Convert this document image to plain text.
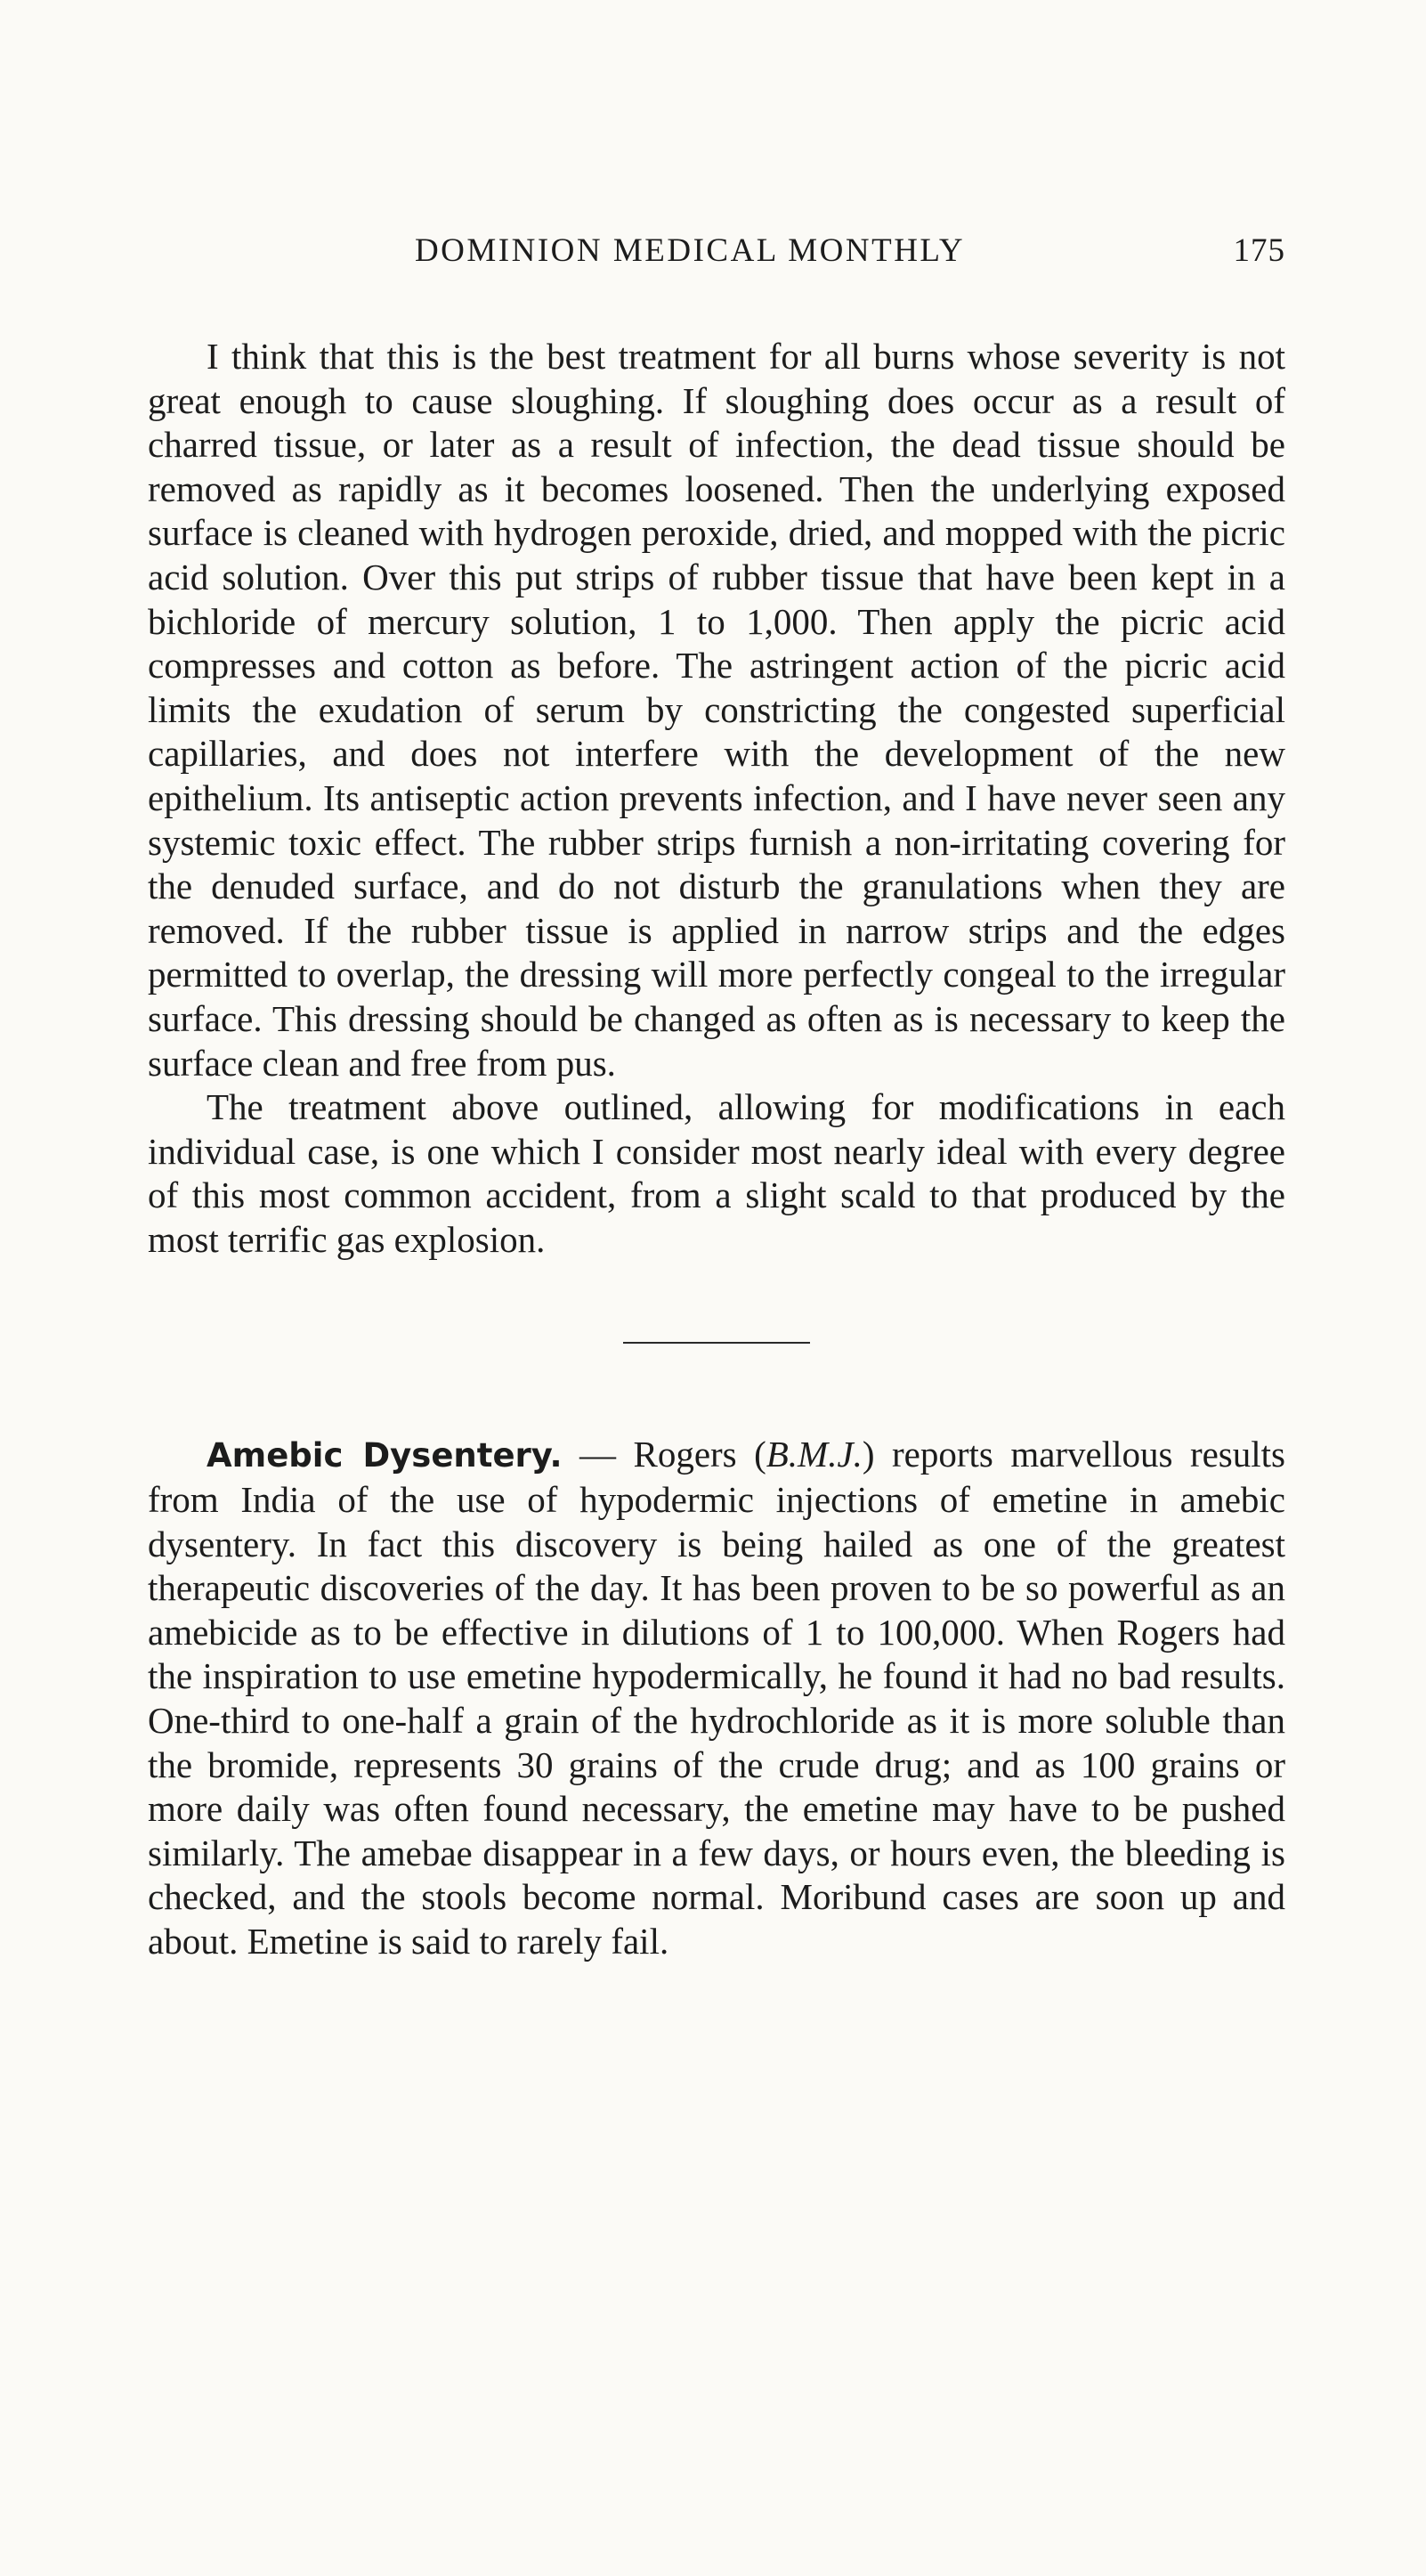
DOMINION MEDICAL MONTHLY	175

I think that this is the best treatment for all burns whose severity is not great enough to cause sloughing. If sloughing does occur as a result of charred tissue, or later as a result of infection, the dead tissue should be removed as rapidly as it becomes loosened. Then the underlying exposed surface is cleaned with hydrogen peroxide, dried, and mopped with the picric acid solution. Over this put strips of rubber tissue that have been kept in a bichloride of mercury solution, 1 to 1,000. Then apply the picric acid compresses and cotton as before. The astringent action of the picric acid limits the exudation of serum by constricting the congested superficial capillaries, and does not interfere with the development of the new epithelium. Its antiseptic action prevents infection, and I have never seen any systemic toxic effect. The rubber strips furnish a non-irritating covering for the denuded surface, and do not disturb the granulations when they are removed. If the rubber tissue is applied in narrow strips and the edges permitted to overlap, the dressing will more perfectly congeal to the irregular surface. This dressing should be changed as often as is necessary to keep the surface clean and free from pus.

The treatment above outlined, allowing for modifications in each individual case, is one which I consider most nearly ideal with every degree of this most common accident, from a slight scald to that produced by the most terrific gas explosion.

Amebic Dysentery. — Rogers (B.M.J.) reports marvellous results from India of the use of hypodermic injections of emetine in amebic dysentery. In fact this discovery is being hailed as one of the greatest therapeutic discoveries of the day. It has been proven to be so powerful as an amebicide as to be effective in dilutions of 1 to 100,000. When Rogers had the inspiration to use emetine hypodermically, he found it had no bad results. One-third to one-half a grain of the hydrochloride as it is more soluble than the bromide, represents 30 grains of the crude drug; and as 100 grains or more daily was often found necessary, the emetine may have to be pushed similarly. The amebae disappear in a few days, or hours even, the bleeding is checked, and the stools become normal. Moribund cases are soon up and about. Emetine is said to rarely fail.
